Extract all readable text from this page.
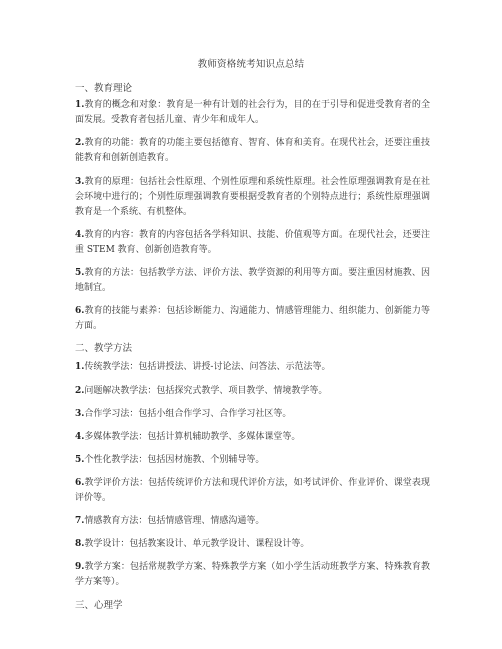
教师资格统考知识点总结
一、教育理论
1.教育的概念和对象：教育是一种有计划的社会行为，目的在于引导和促进受教育者的全面发展。受教育者包括儿童、青少年和成年人。
2.教育的功能：教育的功能主要包括德育、智育、体育和美育。在现代社会，还要注重技能教育和创新创造教育。
3.教育的原理：包括社会性原理、个别性原理和系统性原理。社会性原理强调教育是在社会环境中进行的；个别性原理强调教育要根据受教育者的个别特点进行；系统性原理强调教育是一个系统、有机整体。
4.教育的内容：教育的内容包括各学科知识、技能、价值观等方面。在现代社会，还要注重 STEM 教育、创新创造教育等。
5.教育的方法：包括教学方法、评价方法、教学资源的利用等方面。要注重因材施教、因地制宜。
6.教育的技能与素养：包括诊断能力、沟通能力、情感管理能力、组织能力、创新能力等方面。
二、教学方法
1.传统教学法：包括讲授法、讲授-讨论法、问答法、示范法等。
2.问题解决教学法：包括探究式教学、项目教学、情境教学等。
3.合作学习法：包括小组合作学习、合作学习社区等。
4.多媒体教学法：包括计算机辅助教学、多媒体课堂等。
5.个性化教学法：包括因材施教、个别辅导等。
6.教学评价方法：包括传统评价方法和现代评价方法，如考试评价、作业评价、课堂表现评价等。
7.情感教育方法：包括情感管理、情感沟通等。
8.教学设计：包括教案设计、单元教学设计、课程设计等。
9.教学方案：包括常规教学方案、特殊教学方案（如小学生活动班教学方案、特殊教育教学方案等）。
三、心理学
